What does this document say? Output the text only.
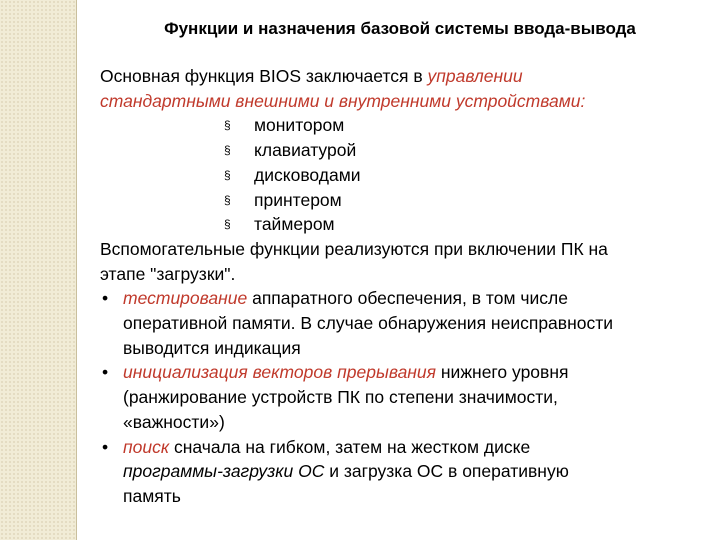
Функции и назначения базовой системы ввода-вывода
Основная функция BIOS заключается в управлении
стандартными внешними и внутренними устройствами:
§ монитором
§ клавиатурой
§ дисководами
§ принтером
§ таймером
Вспомогательные функции реализуются при включении ПК на
этапе "загрузки".
• тестирование аппаратного обеспечения, в том числе
оперативной памяти. В случае обнаружения неисправности
выводится индикация
• инициализация векторов прерывания нижнего уровня
(ранжирование устройств ПК по степени значимости,
«важности»)
• поиск сначала на гибком, затем на жестком диске
программы-загрузки ОС и загрузка ОС в оперативную
память
